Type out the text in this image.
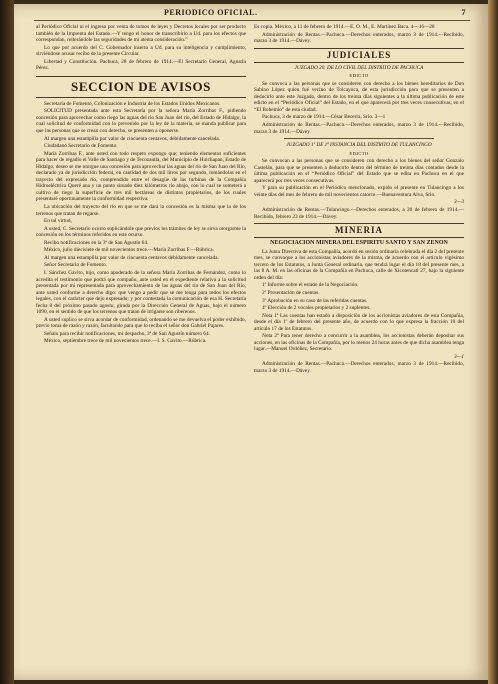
PERIODICO OFICIAL.	7

al Periódico Oficial ni el ingreso por venta de tomos de leyes y Decretos locales por ser producto también de la Imprenta del Estado.—Y tengo el honor de transcribirlo a Ud. para los efectos que correspondan, reiterándole las seguridades de mi atenta consideración.”

Lo que por acuerdo del C. Gobernador inserto a Ud. para su inteligencia y cumplimiento, sirviéndose acusar recibo de la presente Circular.

Libertad y Constitución. Pachuca, 28 de febrero de 1914.—El Secretario General, Agustín Pérez.

SECCION DE AVISOS

Secretaría de Fomento, Colonización e Industria de los Estados Unidos Mexicanos.

SOLICITUD presentada ante esta Secretaría por la señora María Zorribas F., pidiendo concesión para aprovechar como riego las aguas del río San Juan del río, del Estado de Hidalgo, la cual solicitud de conformidad con lo prevenido por la ley de la materia, se manda publicar para que las personas que se crean con derecho, se presenten a oponerse.

Al margen una estampilla por valor de cincuenta centavos, debidamente cancelada.

Ciudadano Secretario de Fomento.

María Zorribas F., ante usted con todo respeto expongo que; teniendo elementos suficientes para hacer de regadío el Valle de Santiago y de Tecozautla, del Municipio de Huichapan, Estado de Hidalgo, deseo se me otorgue una concesión para aprovechar las aguas del río de San Juan del Río, declarado ya de jurisdicción federal, en cantidad de dos mil litros por segundo, tomándolas en el trayecto del expresado río, comprendido entre el desagüe de las turbinas de la Compañía Hidroeléctrica Queré ana y un punto situado diez kilómetros río abajo, con lo cual se someterá a cultivo de riego la superficie de tres mil hectáreas de distintos propietarios, de los cuales presentaré oportunamente la conformidad respectiva.

La ubicación del trayecto del río en que se me dará la concesión es la misma que la de los terrenos que tratan de regarse.

En tal virtud,

A usted, C. Secretario ocurro suplicándole que previos los trámites de ley se sirva otorgarme la concesión en los términos referidos en este ocurso.

Recibo notificaciones en la 3ª de San Agustín 64.

México, julio diecisiete de mil novecientos trece.—María Zorribas F.—Rúbrica.

Al margen una estampilla por valor de cincuenta centavos debidamente cancelada.

Señor Secretario de Fomento.

I. Sánchez Gavito, hijo, como apoderado de la señora María Zorribas de Fernández, como lo acredita el testimonio que podrá que compaño, ante usted en el expediente relativo a la solicitud presentada por mi representada para aprovechamiento de las aguas del río de San Juan del Río, ante usted conforme a derecho digo: que vengo a pedir que se me tenga para todos los efectos legales, con el carácter que dejo expresado; y por contestada la comunicación de esa H. Secretaría fecha 8 del próximo pasado agosto, girada por la Dirección General de Aguas, bajo el número 1090, en el sentido de que los terrenos que tratan de irrigarse son riberenos.

A usted suplico se sirva acordar de conformidad, ordenando se me devuelva el poder exhibido, previo toma de razón y razón, facultando para que lo reciba el señor don Gabriel Pajares.

Señalo para recibir notificaciones, mi despacho, 3ª de San Agustín número 64.

México, septiembre trece de mil novecientos trece.—I. S. Gavito.—Rúbrica.

Es copia. México, a 11 de febrero de 1914.—E. O. M., E. Martínez Baca. 4—16—28

Administración de Rentas.—Pachuca.—Derechos enterados, marzo 3 de 1914.—Recibido, marzo 3 de 1914.—Dávey.

JUDICIALES
JUZGADO 20. DE LO CIVIL DEL DISTRITO DE PACHUCA
EDICTO

Se convoca a las personas que se consideren con derecho a los bienes hereditarios de Don Sabino López quien fué vecino de Tolcayuca, de esta jurisdicción para que se presenten a deducirlo ante este Juzgado, dentro de los treinta días siguientes a la última publicación de este edicto en el “Periódico Oficial” del Estado, en el que aparecerá por tres veces consecutivas, en el “El Bohemio” de esta ciudad.

Pachuca, 3 de marzo de 1914.—César Becerra, Srio. 3—1

Administración de Rentas.—Pachuca.—Derechos enterados, marzo 3 de 1914.—Recibido, marzo 3 de 1914.—Dávey.

JUZGADO 1º DE 1ª INSTANCIA DEL DISTRITO DE TULANCINGO
EDICTO

Se convocan a las personas que se consideren con derecho a los bienes del señor Gonzalo Castelán, para que se presenten a deducirlo dentro del término de treinta días contados desde la última publicación en el “Periódico Oficial” del Estado que se edita en Pachuca en el que aparecerá por tres veces consecutivas.

Y para su publicación en el Periódico mencionado, expido el presente en Tulancingo a los veinte días del mes de febrero de mil novecientos catorce.—Buenaventura Alva, Srio.

3—3

Administración de Rentas.—Tulancingo.—Derechos enterados, a 20 de febrero de 1914.—Recibido, febrero 23 de 1914.—Dávey.

MINERIA
NEGOCIACION MINERA DEL ESPIRITU SANTO Y SAN ZENON

La Junta Directiva de esta Compañía, acordó en sesión ordinaria celebrada el día 2 del presente mes, se convoque a los accionistas aviadores de la misma, de acuerdo con el artículo vigésimo tercero de los Estatutos, a Junta General ordinaria, que tendrá lugar el día 18 del presente mes, a las 8 A. M. en las oficinas de la Compañía en Pachuca, calle de Xicotencatl 27, bajo la siguiente orden del día:

1º Informe sobre el estado de la Negociación.

2º Presentación de cuentas.

3º Aprobación en su caso de las referidas cuentas.

4º Elección de 2 vocales propietarios y 2 suplentes.

Nota 1ª Las cuentas han estado a disposición de los accionistas aviadores de esta Compañía, desde el día 1º de febrero del presente año, de acuerdo con lo que expresa la fracción 10 del artículo 17 de los Estatutos.

Nota 2ª Para tener derecho a concurrir a la asamblea, los accionistas deberán depositar sus acciones, en las oficinas de la Compañía, por lo menos 24 horas antes de que dicha asamblea tenga lugar.—Manuel Ordóñez, Secretario.

3—1

Administración de Rentas.—Pachuca.—Derechos enterados, marzo 3 de 1914.—Recibido, marzo 3 de 1914.—Dávey.
